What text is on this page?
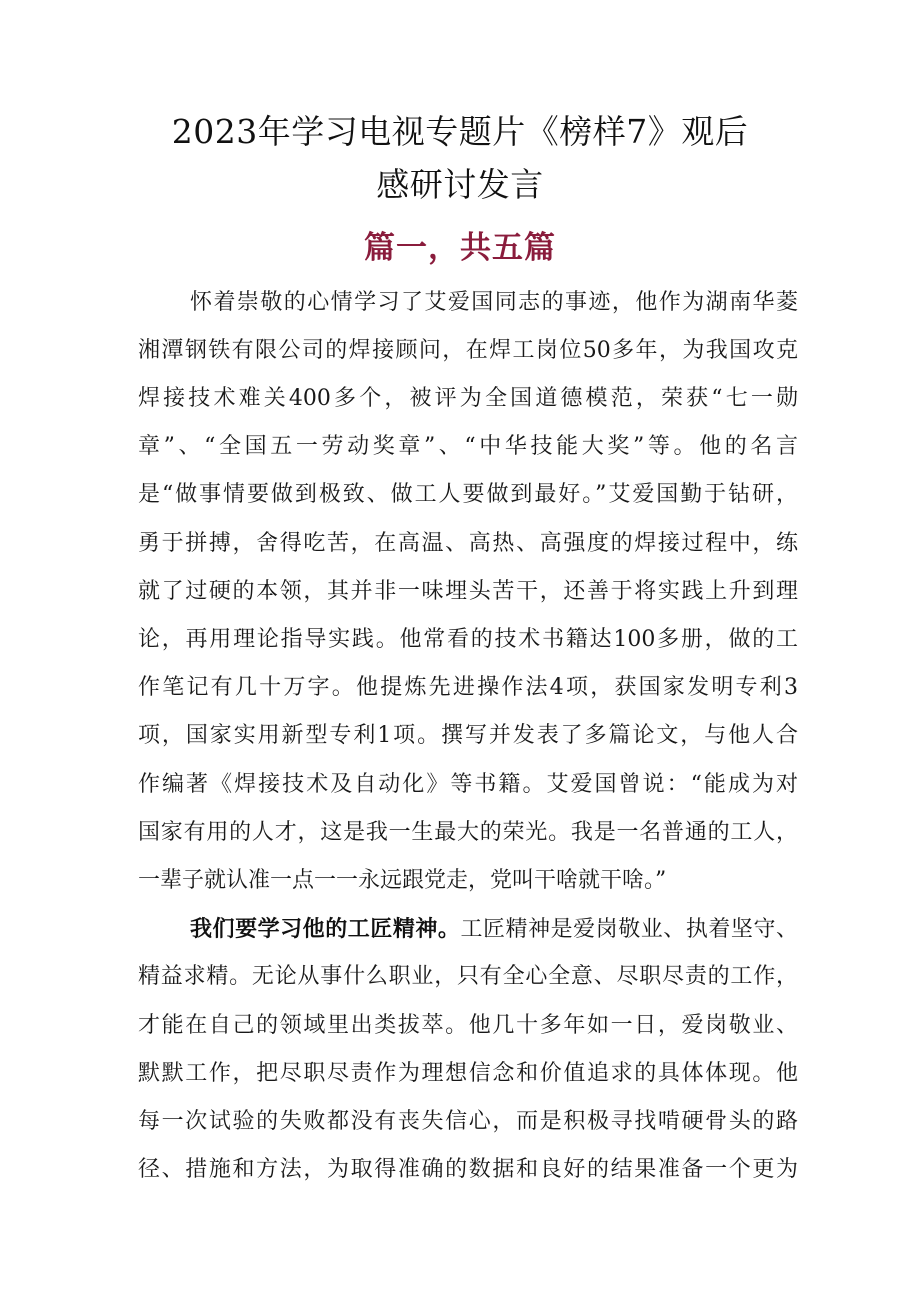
2023年学习电视专题片《榜样7》观后
感研讨发言
篇一，共五篇
怀着崇敬的心情学习了艾爱国同志的事迹，他作为湖南华菱
湘潭钢铁有限公司的焊接顾问，在焊工岗位50多年，为我国攻克
焊接技术难关400多个，被评为全国道德模范，荣获“七一勋
章”、“全国五一劳动奖章”、“中华技能大奖”等。他的名言
是“做事情要做到极致、做工人要做到最好。”艾爱国勤于钻研，
勇于拼搏，舍得吃苦，在高温、高热、高强度的焊接过程中，练
就了过硬的本领，其并非一味埋头苦干，还善于将实践上升到理
论，再用理论指导实践。他常看的技术书籍达100多册，做的工
作笔记有几十万字。他提炼先进操作法4项，获国家发明专利3
项，国家实用新型专利1项。撰写并发表了多篇论文，与他人合
作编著《焊接技术及自动化》等书籍。艾爱国曾说：“能成为对
国家有用的人才，这是我一生最大的荣光。我是一名普通的工人，
一辈子就认准一点一一永远跟党走，党叫干啥就干啥。”
我们要学习他的工匠精神。工匠精神是爱岗敬业、执着坚守、
精益求精。无论从事什么职业，只有全心全意、尽职尽责的工作，
才能在自己的领域里出类拔萃。他几十多年如一日，爱岗敬业、
默默工作，把尽职尽责作为理想信念和价值追求的具体体现。他
每一次试验的失败都没有丧失信心，而是积极寻找啃硬骨头的路
径、措施和方法，为取得准确的数据和良好的结果准备一个更为
